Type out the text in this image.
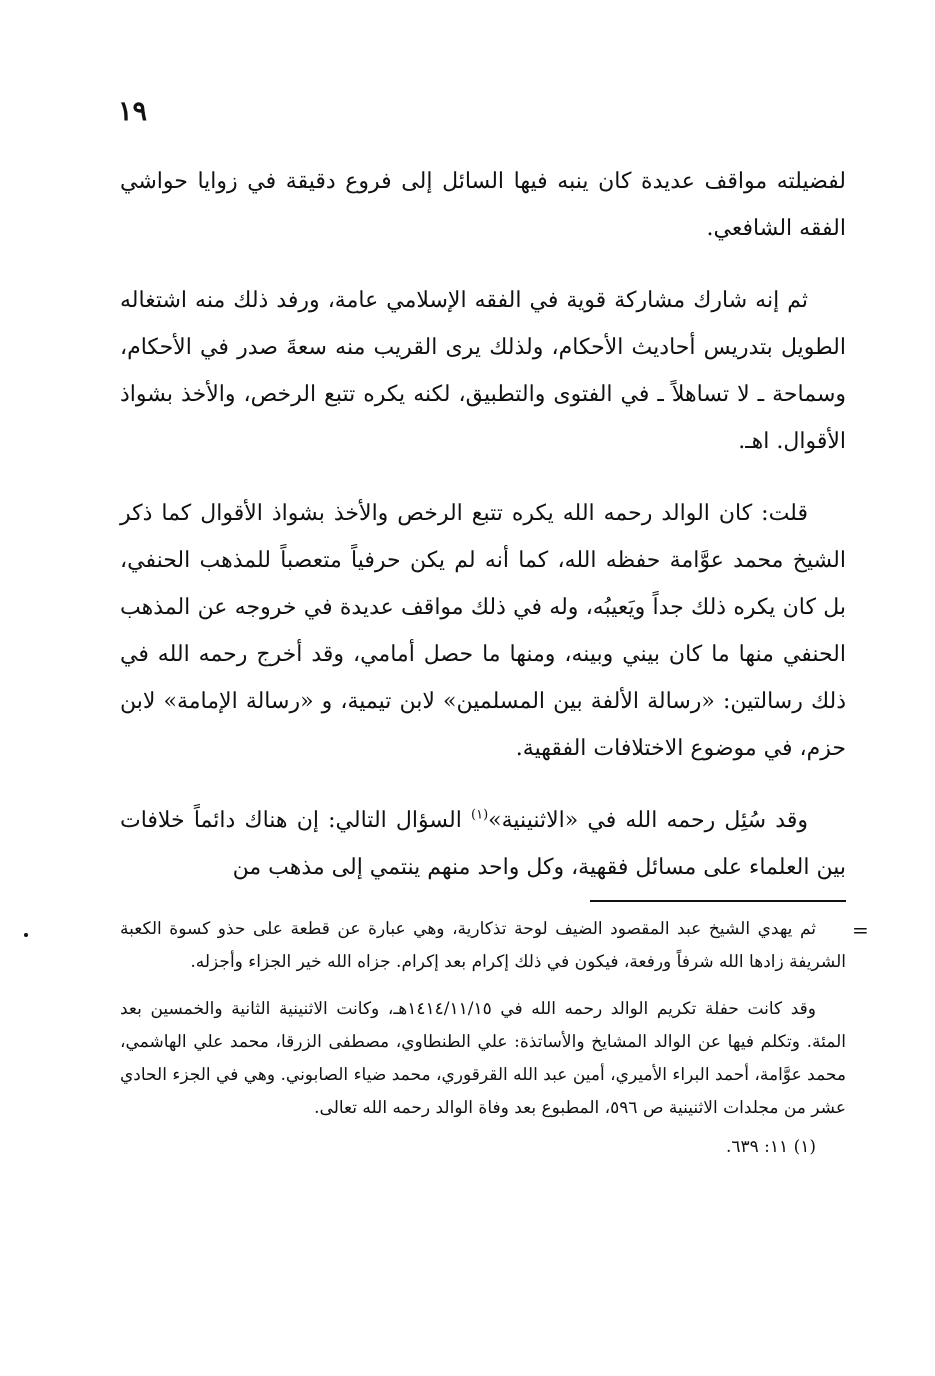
١٩

لفضيلته مواقف عديدة كان ينبه فيها السائل إلى فروع دقيقة في زوايا حواشي الفقه الشافعي.

ثم إنه شارك مشاركة قوية في الفقه الإسلامي عامة، ورفد ذلك منه اشتغاله الطويل بتدريس أحاديث الأحكام، ولذلك يرى القريب منه سعةَ صدر في الأحكام، وسماحة ـ لا تساهلاً ـ في الفتوى والتطبيق، لكنه يكره تتبع الرخص، والأخذ بشواذ الأقوال. اهـ.

قلت: كان الوالد رحمه الله يكره تتبع الرخص والأخذ بشواذ الأقوال كما ذكر الشيخ محمد عوَّامة حفظه الله، كما أنه لم يكن حرفياً متعصباً للمذهب الحنفي، بل كان يكره ذلك جداً ويَعيبُه، وله في ذلك مواقف عديدة في خروجه عن المذهب الحنفي منها ما كان بيني وبينه، ومنها ما حصل أمامي، وقد أخرج رحمه الله في ذلك رسالتين: «رسالة الألفة بين المسلمين» لابن تيمية، و «رسالة الإمامة» لابن حزم، في موضوع الاختلافات الفقهية.

وقد سُئِل رحمه الله في «الاثنينية»$^{(١)}$ السؤال التالي: إن هناك دائماً خلافات بين العلماء على مسائل فقهية، وكل واحد منهم ينتمي إلى مذهب من

=

ثم يهدي الشيخ عبد المقصود الضيف لوحة تذكارية، وهي عبارة عن قطعة على حذو كسوة الكعبة الشريفة زادها الله شرفاً ورفعة، فيكون في ذلك إكرام بعد إكرام. جزاه الله خير الجزاء وأجزله.

وقد كانت حفلة تكريم الوالد رحمه الله في ١٤١٤/١١/١٥هـ، وكانت الاثنينية الثانية والخمسين بعد المئة. وتكلم فيها عن الوالد المشايخ والأساتذة: علي الطنطاوي، مصطفى الزرقا، محمد علي الهاشمي، محمد عوَّامة، أحمد البراء الأميري، أمين عبد الله القرقوري، محمد ضياء الصابوني. وهي في الجزء الحادي عشر من مجلدات الاثنينية ص ٥٩٦، المطبوع بعد وفاة الوالد رحمه الله تعالى.

(١) ١١: ٦٣٩.
